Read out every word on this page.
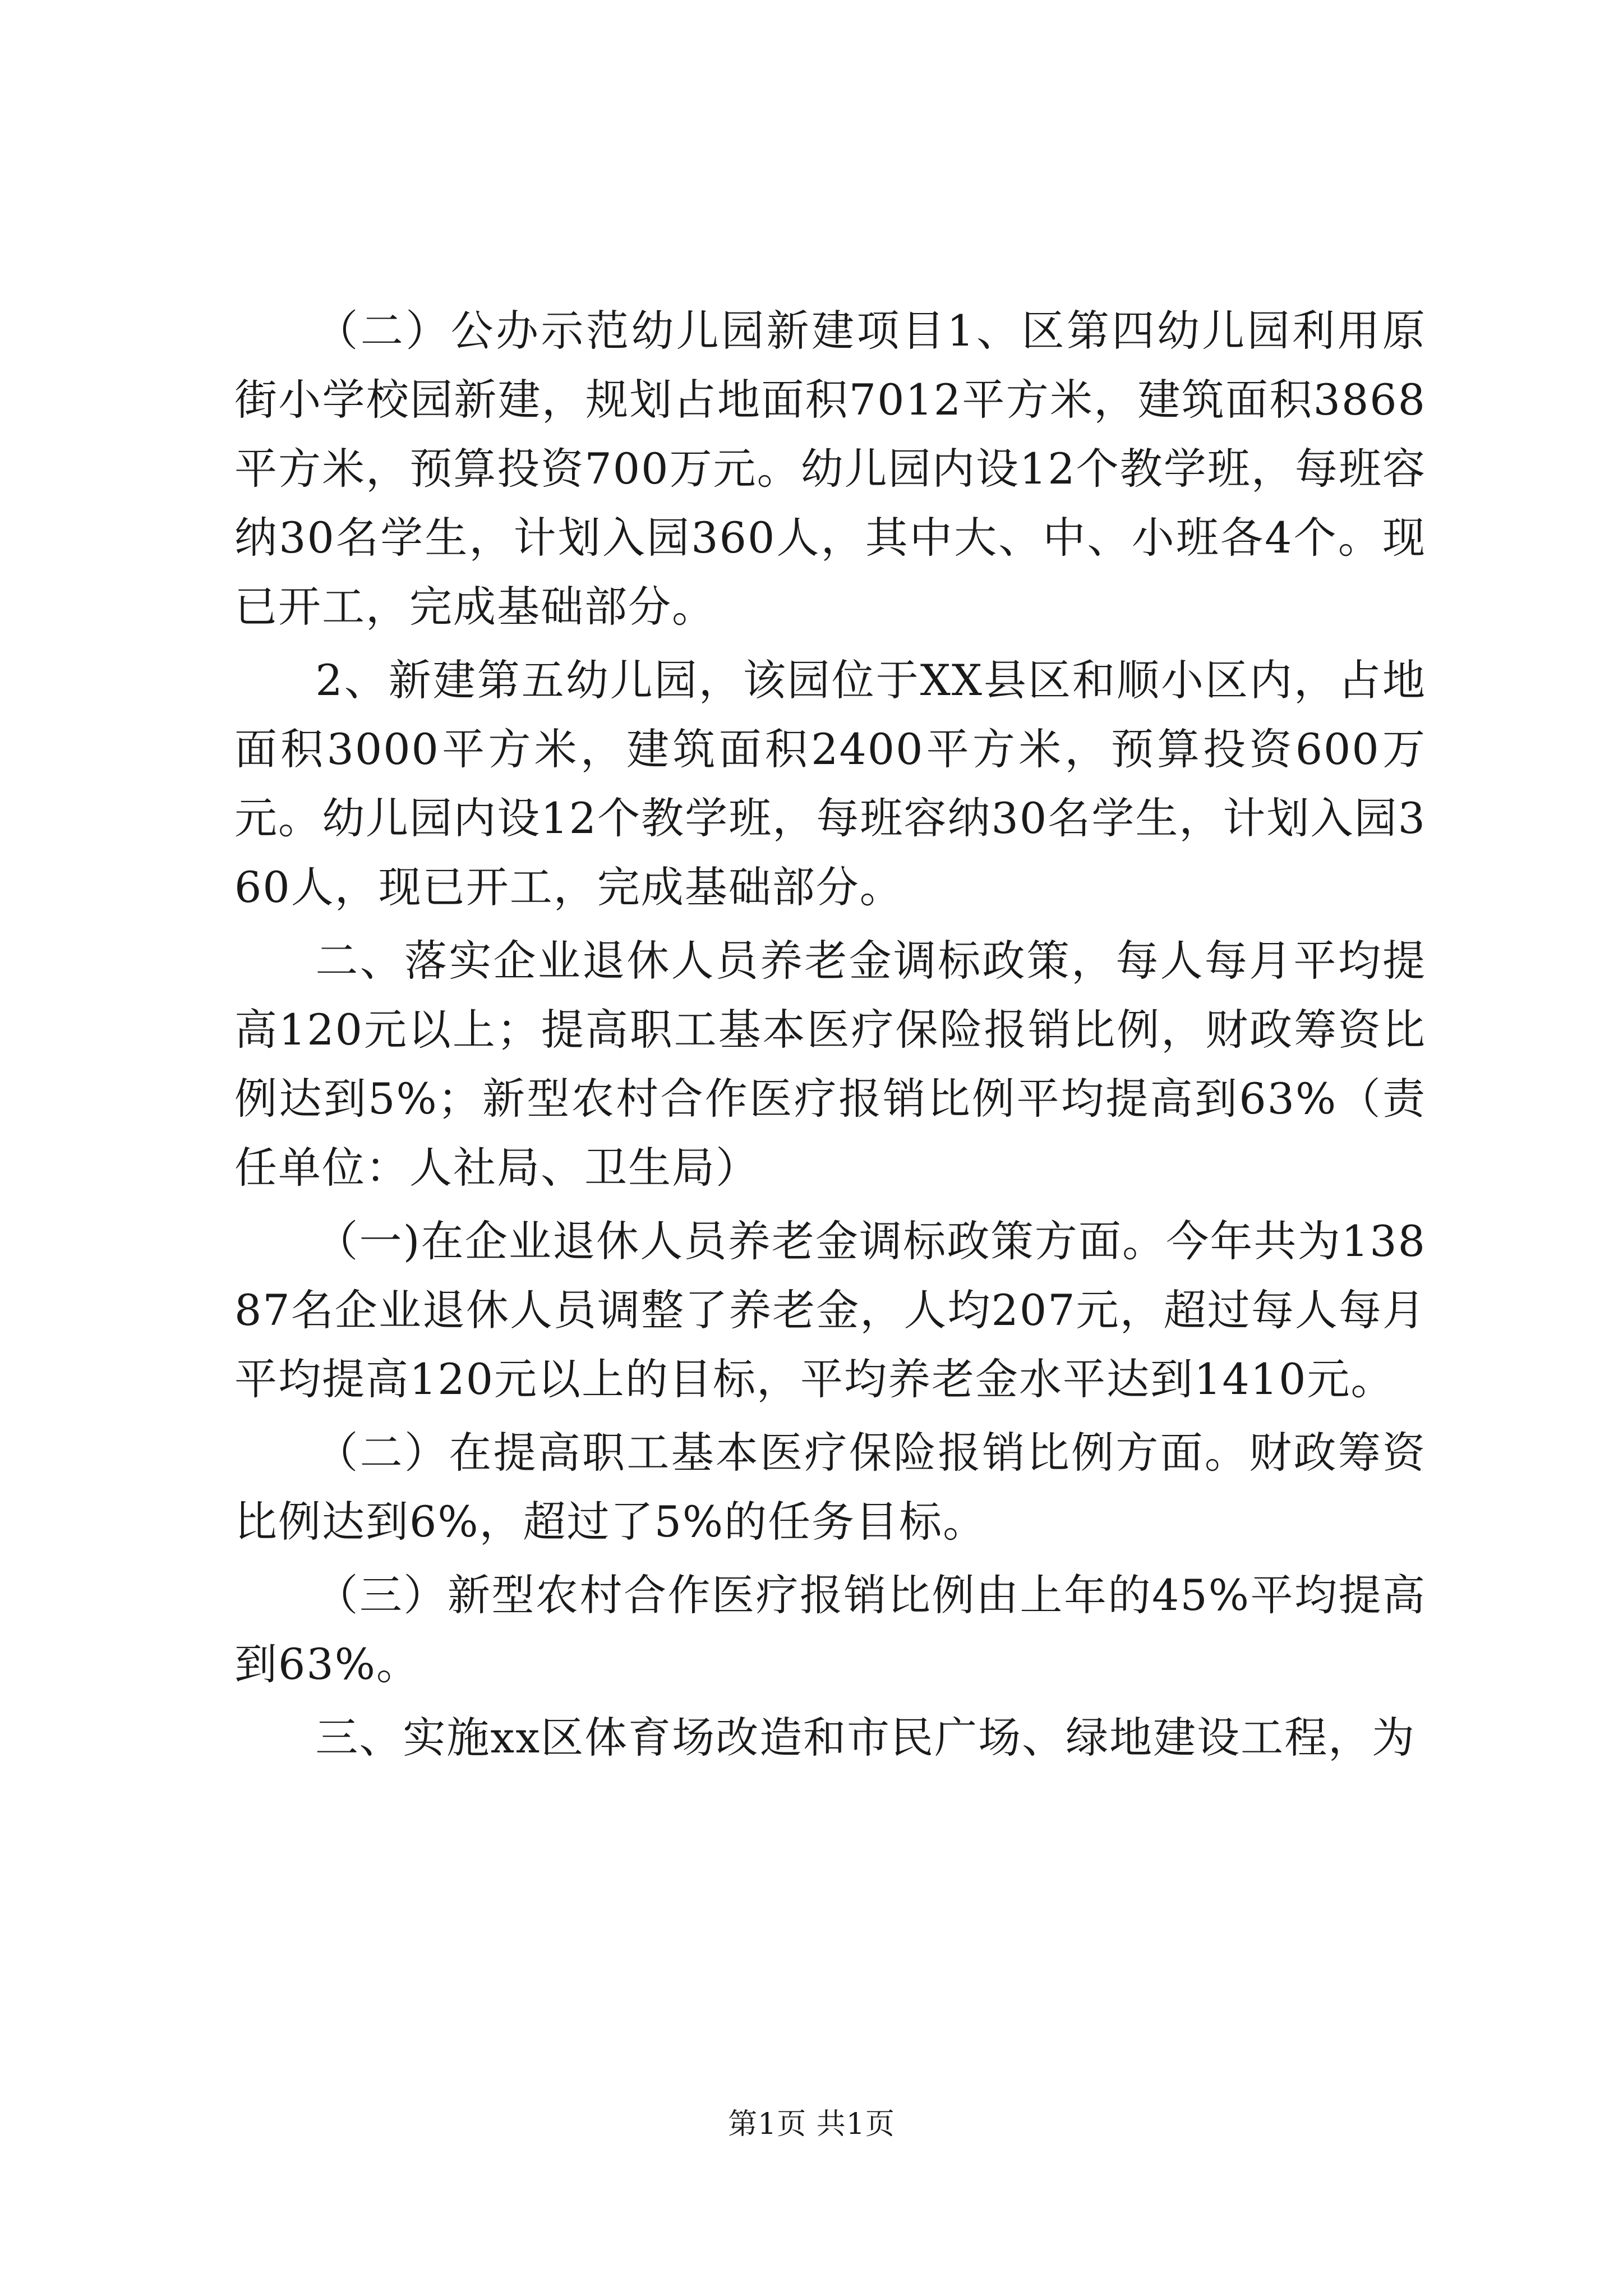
（二）公办示范幼儿园新建项目1、区第四幼儿园利用原街小学校园新建，规划占地面积7012平方米，建筑面积3868平方米，预算投资700万元。幼儿园内设12个教学班，每班容纳30名学生，计划入园360人，其中大、中、小班各4个。现已开工，完成基础部分。

2、新建第五幼儿园，该园位于XX县区和顺小区内，占地面积3000平方米，建筑面积2400平方米，预算投资600万元。幼儿园内设12个教学班，每班容纳30名学生，计划入园360人，现已开工，完成基础部分。

二、落实企业退休人员养老金调标政策，每人每月平均提高120元以上；提高职工基本医疗保险报销比例，财政筹资比例达到5%；新型农村合作医疗报销比例平均提高到63%（责任单位：人社局、卫生局）

（一)在企业退休人员养老金调标政策方面。今年共为13887名企业退休人员调整了养老金，人均207元，超过每人每月平均提高120元以上的目标，平均养老金水平达到1410元。

（二）在提高职工基本医疗保险报销比例方面。财政筹资比例达到6%，超过了5%的任务目标。

（三）新型农村合作医疗报销比例由上年的45%平均提高到63%。

三、实施xx区体育场改造和市民广场、绿地建设工程，为

第1页 共1页
